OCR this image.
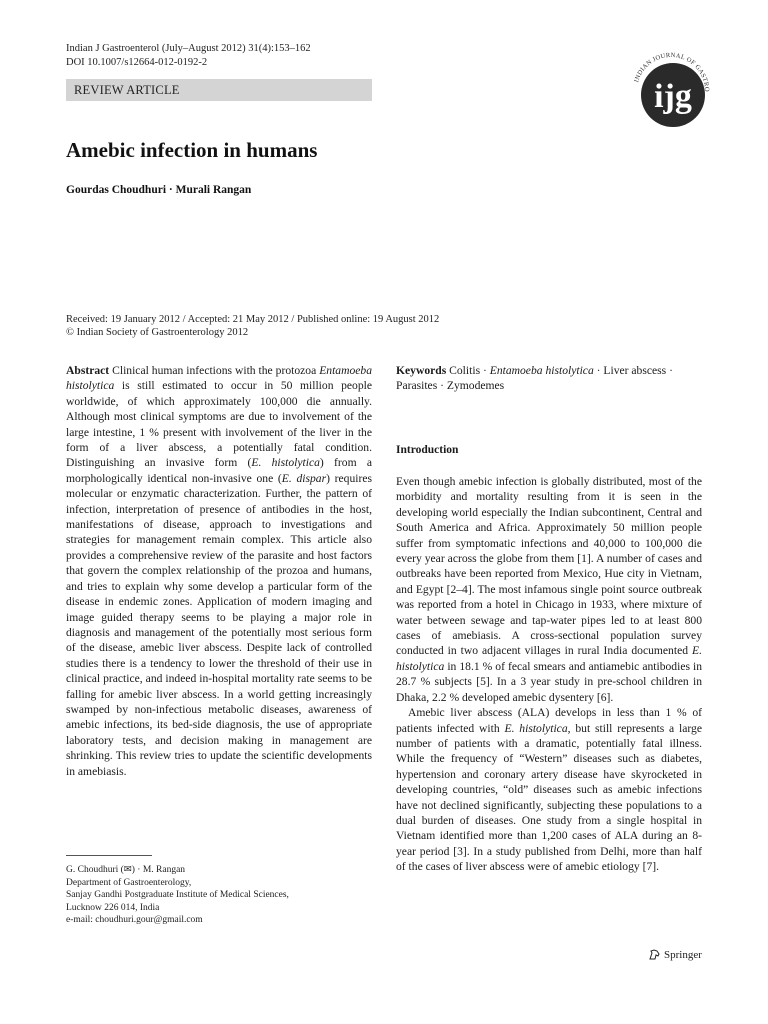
Indian J Gastroenterol (July–August 2012) 31(4):153–162
DOI 10.1007/s12664-012-0192-2
REVIEW ARTICLE
INDIAN JOURNAL OF GASTRO
ijg
Amebic infection in humans
Gourdas Choudhuri · Murali Rangan
Received: 19 January 2012 / Accepted: 21 May 2012 / Published online: 19 August 2012
© Indian Society of Gastroenterology 2012

Abstract Clinical human infections with the protozoa Entamoeba histolytica is still estimated to occur in 50 million people worldwide, of which approximately 100,000 die annually. Although most clinical symptoms are due to involvement of the large intestine, 1 % present with involvement of the liver in the form of a liver abscess, a potentially fatal condition. Distinguishing an invasive form (E. histolytica) from a morphologically identical non-invasive one (E. dispar) requires molecular or enzymatic characterization. Further, the pattern of infection, interpretation of presence of antibodies in the host, manifestations of disease, approach to investigations and strategies for management remain complex. This article also provides a comprehensive review of the parasite and host factors that govern the complex relationship of the prozoa and humans, and tries to explain why some develop a particular form of the disease in endemic zones. Application of modern imaging and image guided therapy seems to be playing a major role in diagnosis and management of the potentially most serious form of the disease, amebic liver abscess. Despite lack of controlled studies there is a tendency to lower the threshold of their use in clinical practice, and indeed in-hospital mortality rate seems to be falling for amebic liver abscess. In a world getting increasingly swamped by non-infectious metabolic diseases, awareness of amebic infections, its bed-side diagnosis, the use of appropriate laboratory tests, and decision making in management are shrinking. This review tries to update the scientific developments in amebiasis.

Keywords Colitis · Entamoeba histolytica · Liver abscess · Parasites · Zymodemes

Introduction

Even though amebic infection is globally distributed, most of the morbidity and mortality resulting from it is seen in the developing world especially the Indian subcontinent, Central and South America and Africa. Approximately 50 million people suffer from symptomatic infections and 40,000 to 100,000 die every year across the globe from them [1]. A number of cases and outbreaks have been reported from Mexico, Hue city in Vietnam, and Egypt [2–4]. The most infamous single point source outbreak was reported from a hotel in Chicago in 1933, where mixture of water between sewage and tap-water pipes led to at least 800 cases of amebiasis. A cross-sectional population survey conducted in two adjacent villages in rural India documented E. histolytica in 18.1 % of fecal smears and antiamebic antibodies in 28.7 % subjects [5]. In a 3 year study in pre-school children in Dhaka, 2.2 % developed amebic dysentery [6].

Amebic liver abscess (ALA) develops in less than 1 % of patients infected with E. histolytica, but still represents a large number of patients with a dramatic, potentially fatal illness. While the frequency of “Western” diseases such as diabetes, hypertension and coronary artery disease have skyrocketed in developing countries, “old” diseases such as amebic infections have not declined significantly, subjecting these populations to a dual burden of diseases. One study from a single hospital in Vietnam identified more than 1,200 cases of ALA during an 8-year period [3]. In a study published from Delhi, more than half of the cases of liver abscess were of amebic etiology [7].

G. Choudhuri (✉) · M. Rangan
Department of Gastroenterology,
Sanjay Gandhi Postgraduate Institute of Medical Sciences,
Lucknow 226 014, India
e-mail: choudhuri.gour@gmail.com
Springer
